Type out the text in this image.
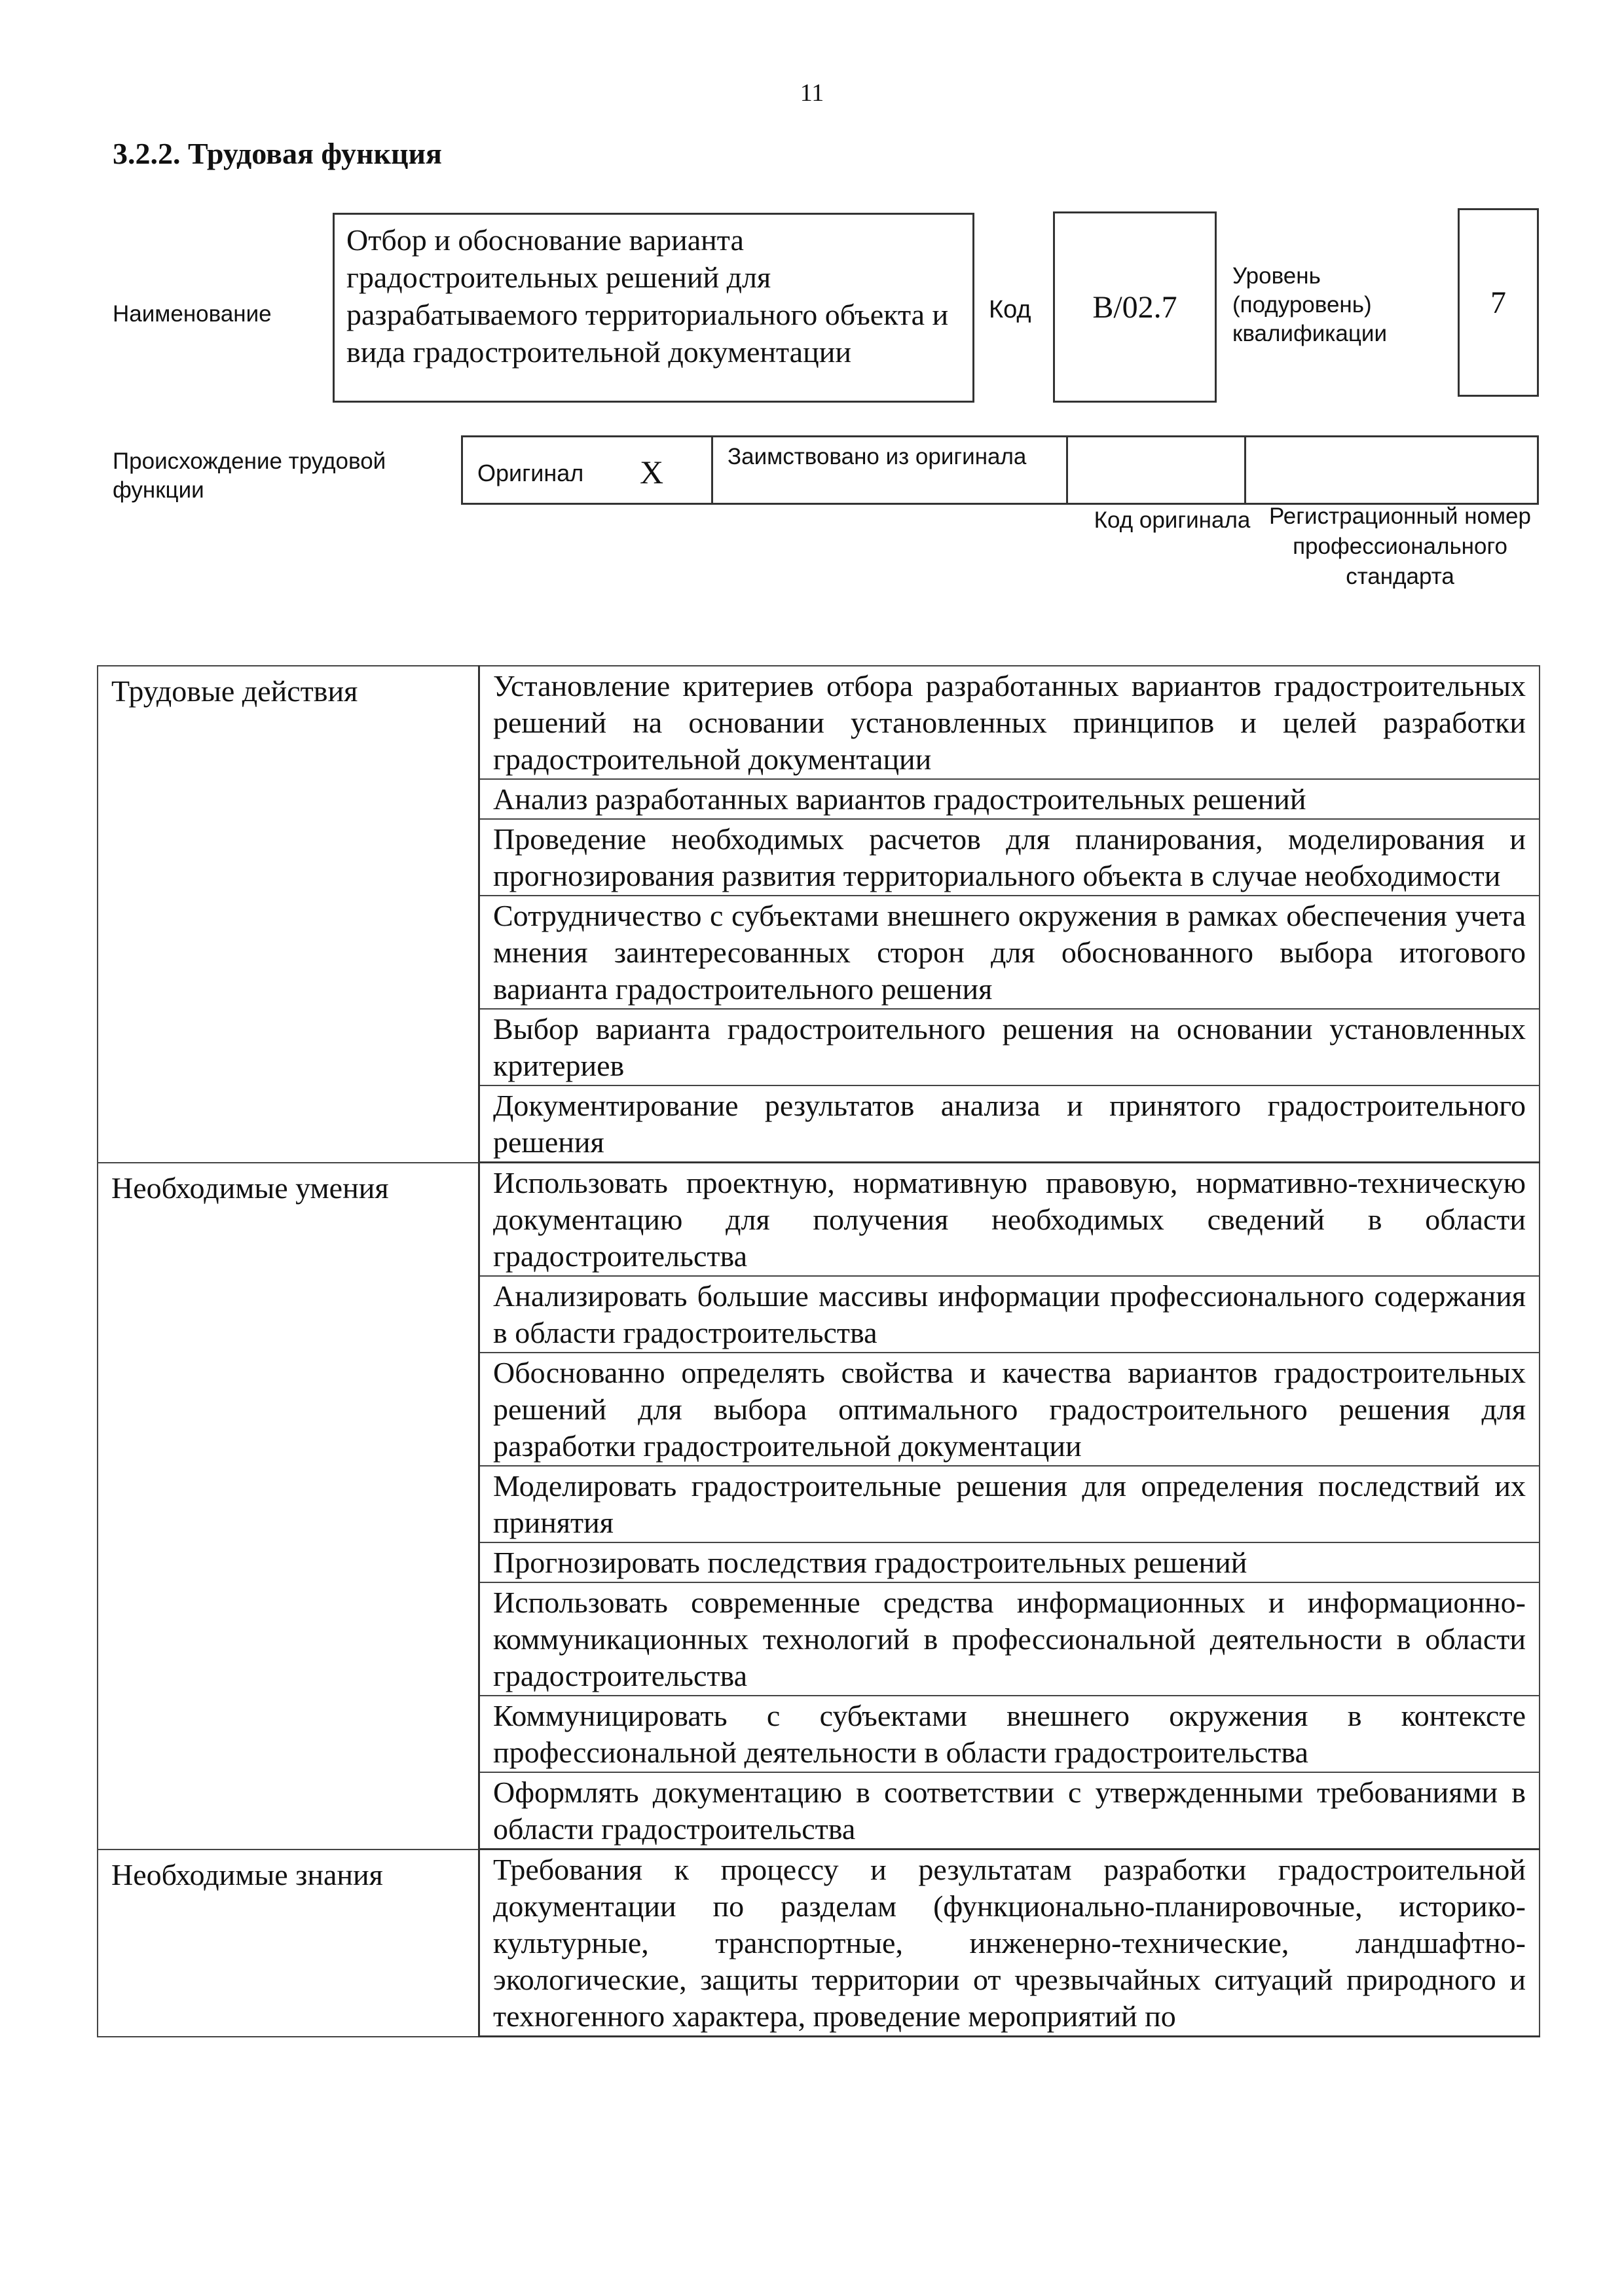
11
3.2.2. Трудовая функция
Наименование
Отбор и обоснование варианта градостроительных решений для разрабатываемого территориального объекта и вида градостроительной документации
Код B/02.7
Уровень (подуровень) квалификации
7
Происхождение трудовой функции
Оригинал X	Заимствовано из оригинала
Код оригинала Регистрационный номер профессионального стандарта
Трудовые действия	Установление критериев отбора разработанных вариантов градостроительных решений на основании установленных принципов и целей разработки градостроительной документации
	Анализ разработанных вариантов градостроительных решений
	Проведение необходимых расчетов для планирования, моделирования и прогнозирования развития территориального объекта в случае необходимости
	Сотрудничество с субъектами внешнего окружения в рамках обеспечения учета мнения заинтересованных сторон для обоснованного выбора итогового варианта градостроительного решения
	Выбор варианта градостроительного решения на основании установленных критериев
	Документирование результатов анализа и принятого градостроительного решения
Необходимые умения	Использовать проектную, нормативную правовую, нормативно-техническую документацию для получения необходимых сведений в области градостроительства
	Анализировать большие массивы информации профессионального содержания в области градостроительства
	Обоснованно определять свойства и качества вариантов градостроительных решений для выбора оптимального градостроительного решения для разработки градостроительной документации
	Моделировать градостроительные решения для определения последствий их принятия
	Прогнозировать последствия градостроительных решений
	Использовать современные средства информационных и информационно-коммуникационных технологий в профессиональной деятельности в области градостроительства
	Коммуницировать с субъектами внешнего окружения в контексте профессиональной деятельности в области градостроительства
	Оформлять документацию в соответствии с утвержденными требованиями в области градостроительства
Необходимые знания	Требования к процессу и результатам разработки градостроительной документации по разделам (функционально-планировочные, историко-культурные, транспортные, инженерно-технические, ландшафтно-экологические, защиты территории от чрезвычайных ситуаций природного и техногенного характера, проведение мероприятий по
